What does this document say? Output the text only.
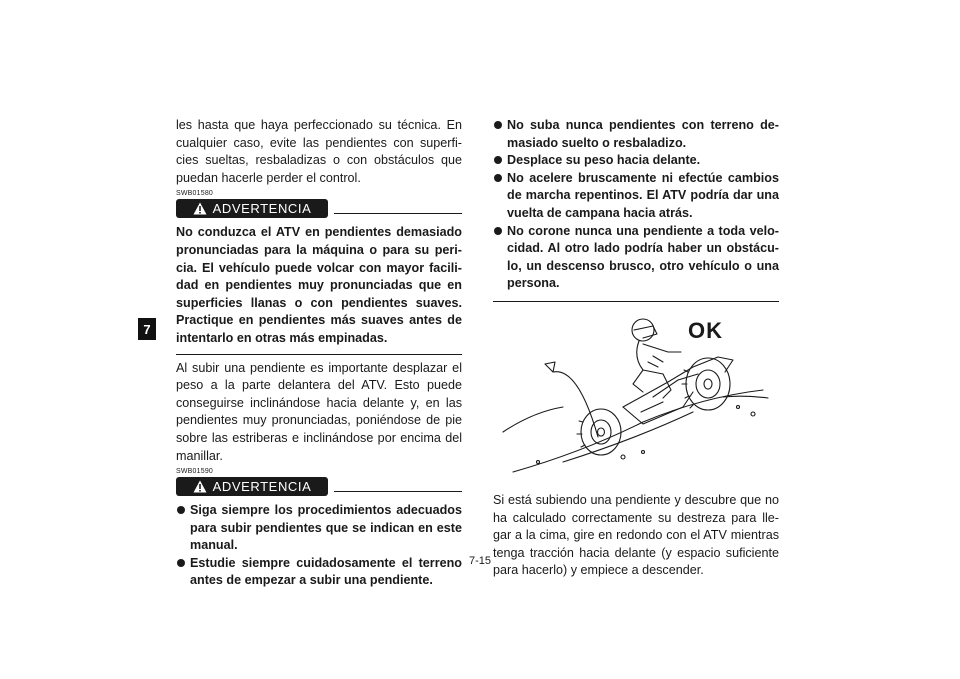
7

les hasta que haya perfeccionado su técnica. En cualquier caso, evite las pendientes con superfi-cies sueltas, resbaladizas o con obstáculos que puedan hacerle perder el control.

SWB01580
ADVERTENCIA

No conduzca el ATV en pendientes demasiado pronunciadas para la máquina o para su peri-cia. El vehículo puede volcar con mayor facili-dad en pendientes muy pronunciadas que en superficies llanas o con pendientes suaves. Practique en pendientes más suaves antes de intentarlo en otras más empinadas.

Al subir una pendiente es importante desplazar el peso a la parte delantera del ATV. Esto puede conseguirse inclinándose hacia delante y, en las pendientes muy pronunciadas, poniéndose de pie sobre las estriberas e inclinándose por encima del manillar.

SWB01590
ADVERTENCIA
Siga siempre los procedimientos adecuados para subir pendientes que se indican en este manual.
Estudie siempre cuidadosamente el terreno antes de empezar a subir una pendiente.
No suba nunca pendientes con terreno de-masiado suelto o resbaladizo.
Desplace su peso hacia delante.
No acelere bruscamente ni efectúe cambios de marcha repentinos. El ATV podría dar una vuelta de campana hacia atrás.
No corone nunca una pendiente a toda velo-cidad. Al otro lado podría haber un obstácu-lo, un descenso brusco, otro vehículo o una persona.
OK

Si está subiendo una pendiente y descubre que no ha calculado correctamente su destreza para lle-gar a la cima, gire en redondo con el ATV mientras tenga tracción hacia delante (y espacio suficiente para hacerlo) y empiece a descender.

7-15
